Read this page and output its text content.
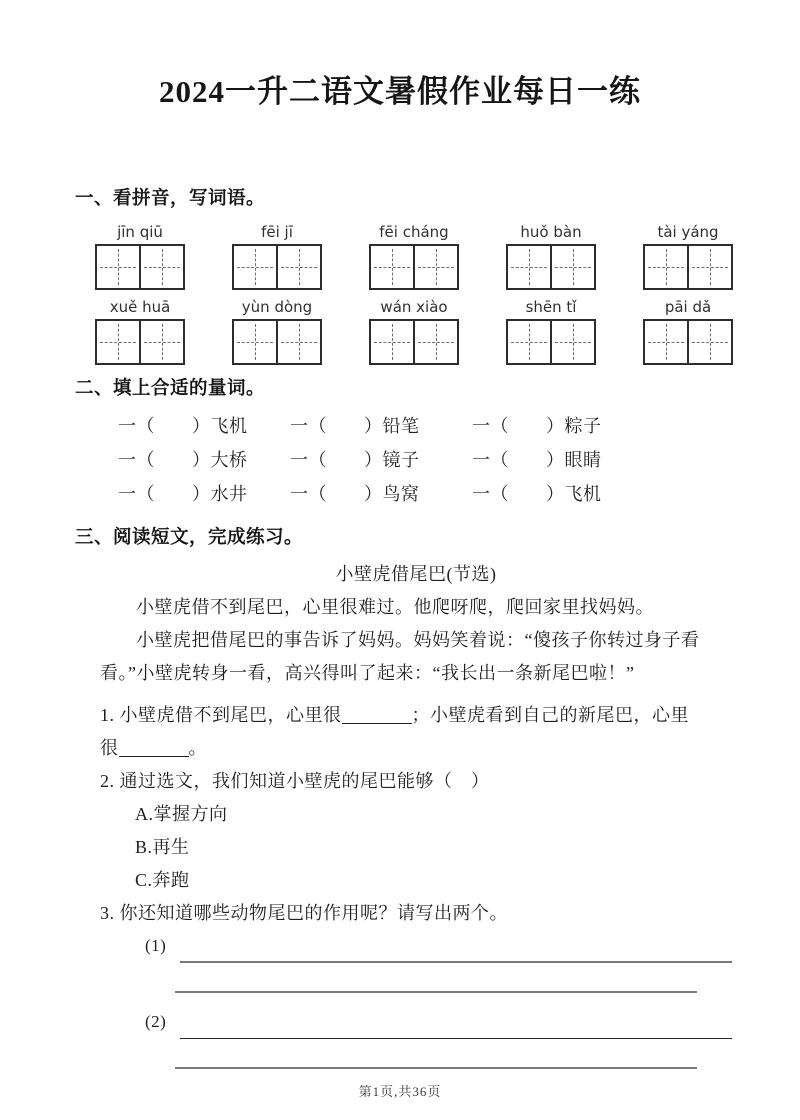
2024一升二语文暑假作业每日一练
一、看拼音，写词语。
jīn qiū	fēi jī	fēi cháng	huǒ bàn	tài yáng
xuě huā	yùn dòng	wán xiào	shēn tǐ	pāi dǎ
二、填上合适的量词。
一（　　）飞机	一（　　）铅笔	一（　　）粽子
一（　　）大桥	一（　　）镜子	一（　　）眼睛
一（　　）水井	一（　　）鸟窝	一（　　）飞机
三、阅读短文，完成练习。
小壁虎借尾巴(节选)
小壁虎借不到尾巴，心里很难过。他爬呀爬，爬回家里找妈妈。
小壁虎把借尾巴的事告诉了妈妈。妈妈笑着说：“傻孩子你转过身子看
看。”小壁虎转身一看，高兴得叫了起来：“我长出一条新尾巴啦！”
1. 小壁虎借不到尾巴，心里很	；小壁虎看到自己的新尾巴，心里
很	。
2. 通过选文，我们知道小壁虎的尾巴能够（　）
A.掌握方向
B.再生
C.奔跑
3. 你还知道哪些动物尾巴的作用呢？请写出两个。
(1)
(2)
第1页,共36页
